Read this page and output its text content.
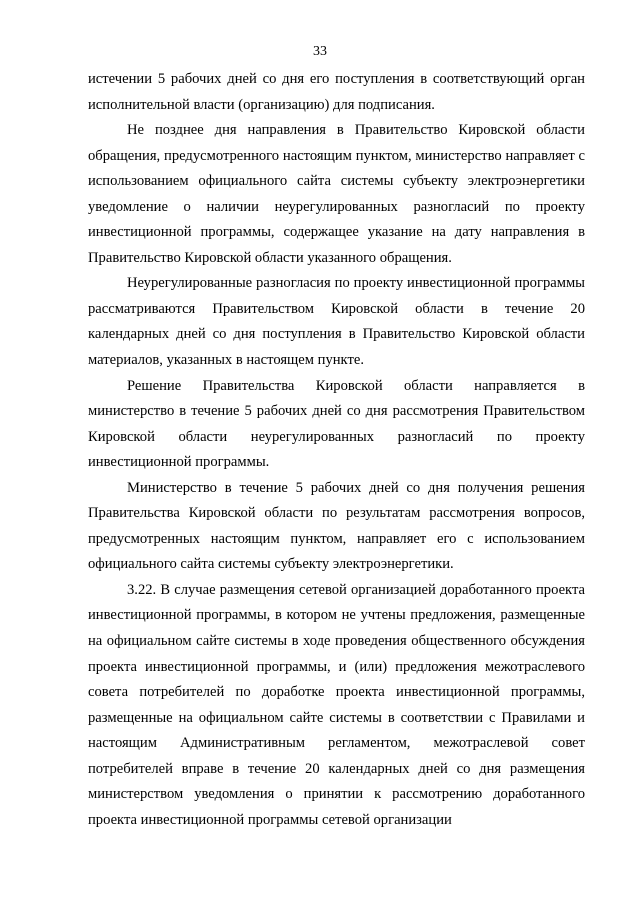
33

истечении 5 рабочих дней со дня его поступления в соответствующий орган исполнительной власти (организацию) для подписания.

Не позднее дня направления в Правительство Кировской области обращения, предусмотренного настоящим пунктом, министерство направляет с использованием официального сайта системы субъекту электроэнергетики уведомление о наличии неурегулированных разногласий по проекту инвестиционной программы, содержащее указание на дату направления в Правительство Кировской области указанного обращения.

Неурегулированные разногласия по проекту инвестиционной программы рассматриваются Правительством Кировской области в течение 20 календарных дней со дня поступления в Правительство Кировской области материалов, указанных в настоящем пункте.

Решение Правительства Кировской области направляется в министерство в течение 5 рабочих дней со дня рассмотрения Правительством Кировской области неурегулированных разногласий по проекту инвестиционной программы.

Министерство в течение 5 рабочих дней со дня получения решения Правительства Кировской области по результатам рассмотрения вопросов, предусмотренных настоящим пунктом, направляет его с использованием официального сайта системы субъекту электроэнергетики.

3.22. В случае размещения сетевой организацией доработанного проекта инвестиционной программы, в котором не учтены предложения, размещенные на официальном сайте системы в ходе проведения общественного обсуждения проекта инвестиционной программы, и (или) предложения межотраслевого совета потребителей по доработке проекта инвестиционной программы, размещенные на официальном сайте системы в соответствии с Правилами и настоящим Административным регламентом, межотраслевой совет потребителей вправе в течение 20 календарных дней со дня размещения министерством уведомления о принятии к рассмотрению доработанного проекта инвестиционной программы сетевой организации
